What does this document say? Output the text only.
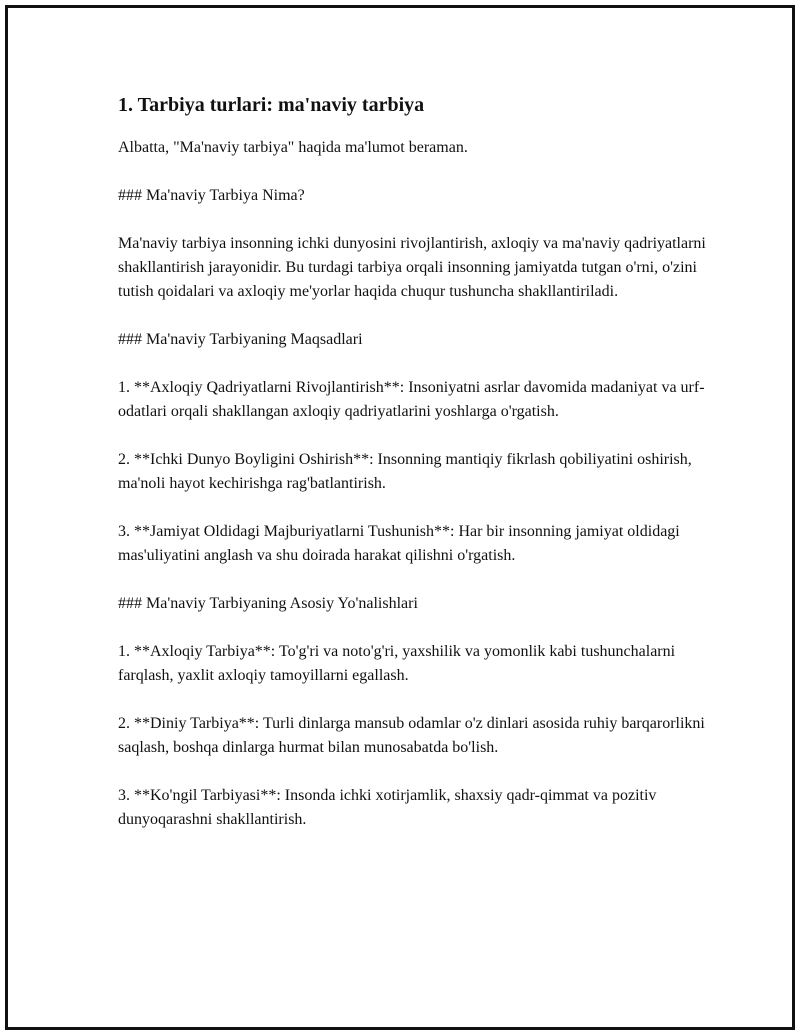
1. Tarbiya turlari: ma'naviy tarbiya

Albatta, "Ma'naviy tarbiya" haqida ma'lumot beraman.

### Ma'naviy Tarbiya Nima?

Ma'naviy tarbiya insonning ichki dunyosini rivojlantirish, axloqiy va ma'naviy qadriyatlarni shakllantirish jarayonidir. Bu turdagi tarbiya orqali insonning jamiyatda tutgan o'rni, o'zini tutish qoidalari va axloqiy me'yorlar haqida chuqur tushuncha shakllantiriladi.

### Ma'naviy Tarbiyaning Maqsadlari

1. **Axloqiy Qadriyatlarni Rivojlantirish**: Insoniyatni asrlar davomida madaniyat va urf-odatlari orqali shakllangan axloqiy qadriyatlarini yoshlarga o'rgatish.

2. **Ichki Dunyo Boyligini Oshirish**: Insonning mantiqiy fikrlash qobiliyatini oshirish, ma'noli hayot kechirishga rag'batlantirish.

3. **Jamiyat Oldidagi Majburiyatlarni Tushunish**: Har bir insonning jamiyat oldidagi mas'uliyatini anglash va shu doirada harakat qilishni o'rgatish.

### Ma'naviy Tarbiyaning Asosiy Yo'nalishlari

1. **Axloqiy Tarbiya**: To'g'ri va noto'g'ri, yaxshilik va yomonlik kabi tushunchalarni farqlash, yaxlit axloqiy tamoyillarni egallash.

2. **Diniy Tarbiya**: Turli dinlarga mansub odamlar o'z dinlari asosida ruhiy barqarorlikni saqlash, boshqa dinlarga hurmat bilan munosabatda bo'lish.

3. **Ko'ngil Tarbiyasi**: Insonda ichki xotirjamlik, shaxsiy qadr-qimmat va pozitiv dunyoqarashni shakllantirish.
